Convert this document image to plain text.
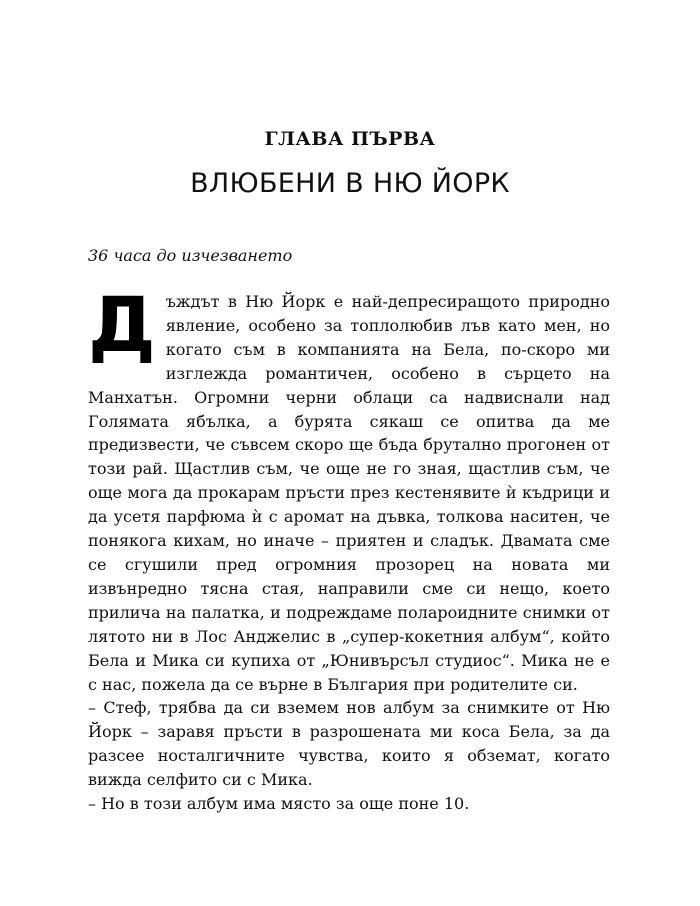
ГЛАВА ПЪРВА
ВЛЮБЕНИ В НЮ ЙОРК
36 часа до изчезването

Дъждът в Ню Йорк е най-депресиращото природно явление, особено за топлолюбив лъв като мен, но когато съм в компанията на Бела, по-скоро ми изглежда романтичен, особено в сърцето на Манхатън. Огромни черни облаци са надвиснали над Голямата ябълка, а бурята сякаш се опитва да ме предизвести, че съвсем скоро ще бъда брутално прогонен от този рай. Щастлив съм, че още не го зная, щастлив съм, че още мога да прокарам пръсти през кестенявите ѝ къдрици и да усетя парфюма ѝ с аромат на дъвка, толкова наситен, че понякога кихам, но иначе – приятен и сладък. Двамата сме се сгушили пред огромния прозорец на новата ми извънредно тясна стая, направили сме си нещо, което прилича на палатка, и подреждаме полароидните снимки от лятото ни в Лос Анджелис в „супер-кокетния албум“, който Бела и Мика си купиха от „Юнивърсъл студиос“. Мика не е с нас, пожела да се върне в България при родителите си.

– Стеф, трябва да си вземем нов албум за снимките от Ню Йорк – заравя пръсти в разрошената ми коса Бела, за да разсее носталгичните чувства, които я обземат, когато вижда селфито си с Мика.

– Но в този албум има място за още поне 10.
